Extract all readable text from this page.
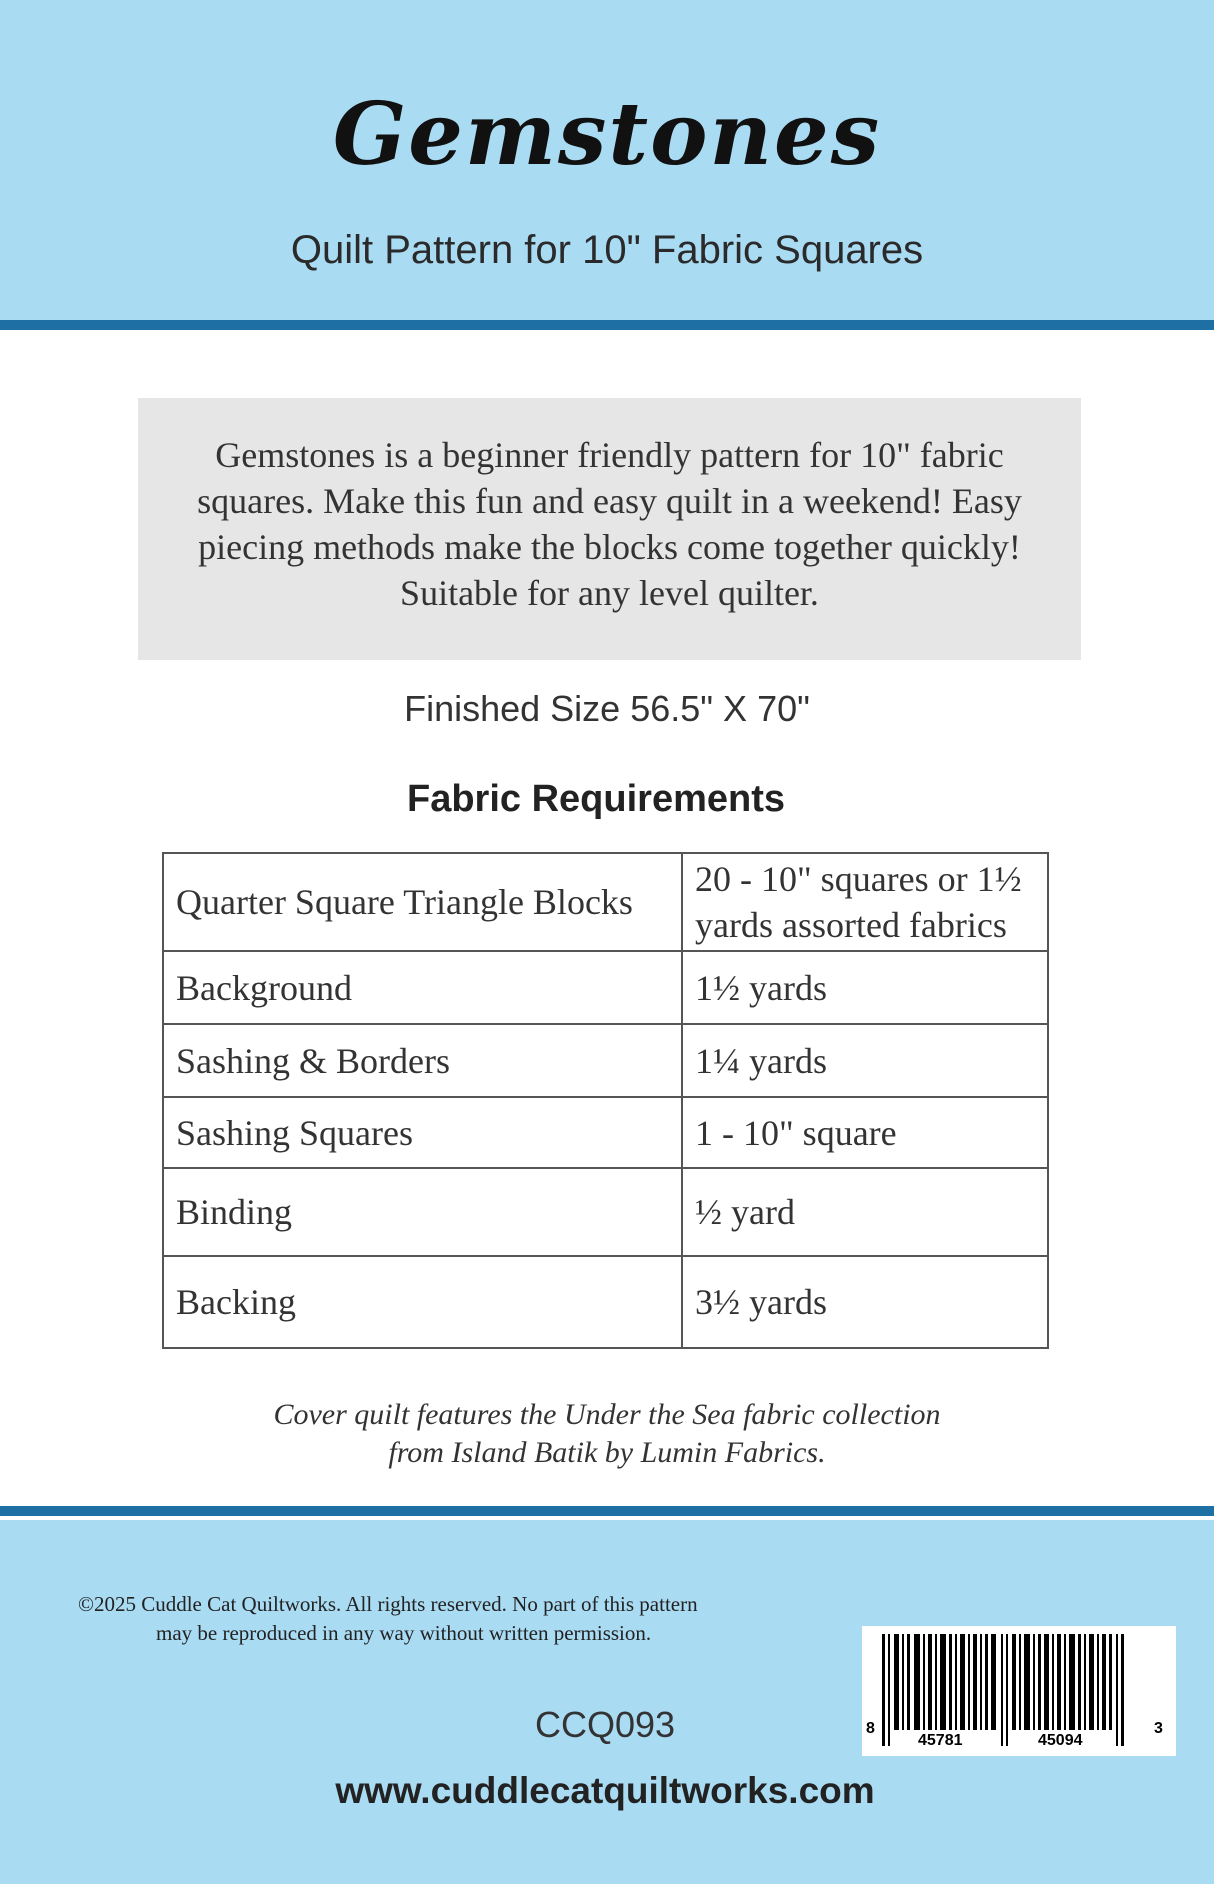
Gemstones
Quilt Pattern for 10" Fabric Squares
Gemstones is a beginner friendly pattern for 10" fabric
squares. Make this fun and easy quilt in a weekend! Easy
piecing methods make the blocks come together quickly!
Suitable for any level quilter.
Finished Size 56.5" X 70"
Fabric Requirements
Quarter Square Triangle Blocks	20 - 10" squares or 1½
yards assorted fabrics

Background	1½ yards
Sashing & Borders	1¼ yards
Sashing Squares	1 - 10" square
Binding	½ yard
Backing	3½ yards
Cover quilt features the Under the Sea fabric collection
from Island Batik by Lumin Fabrics.
©2025 Cuddle Cat Quiltworks. All rights reserved. No part of this pattern
may be reproduced in any way without written permission.
CCQ093
www.cuddlecatquiltworks.com
8
45781	45094
3
